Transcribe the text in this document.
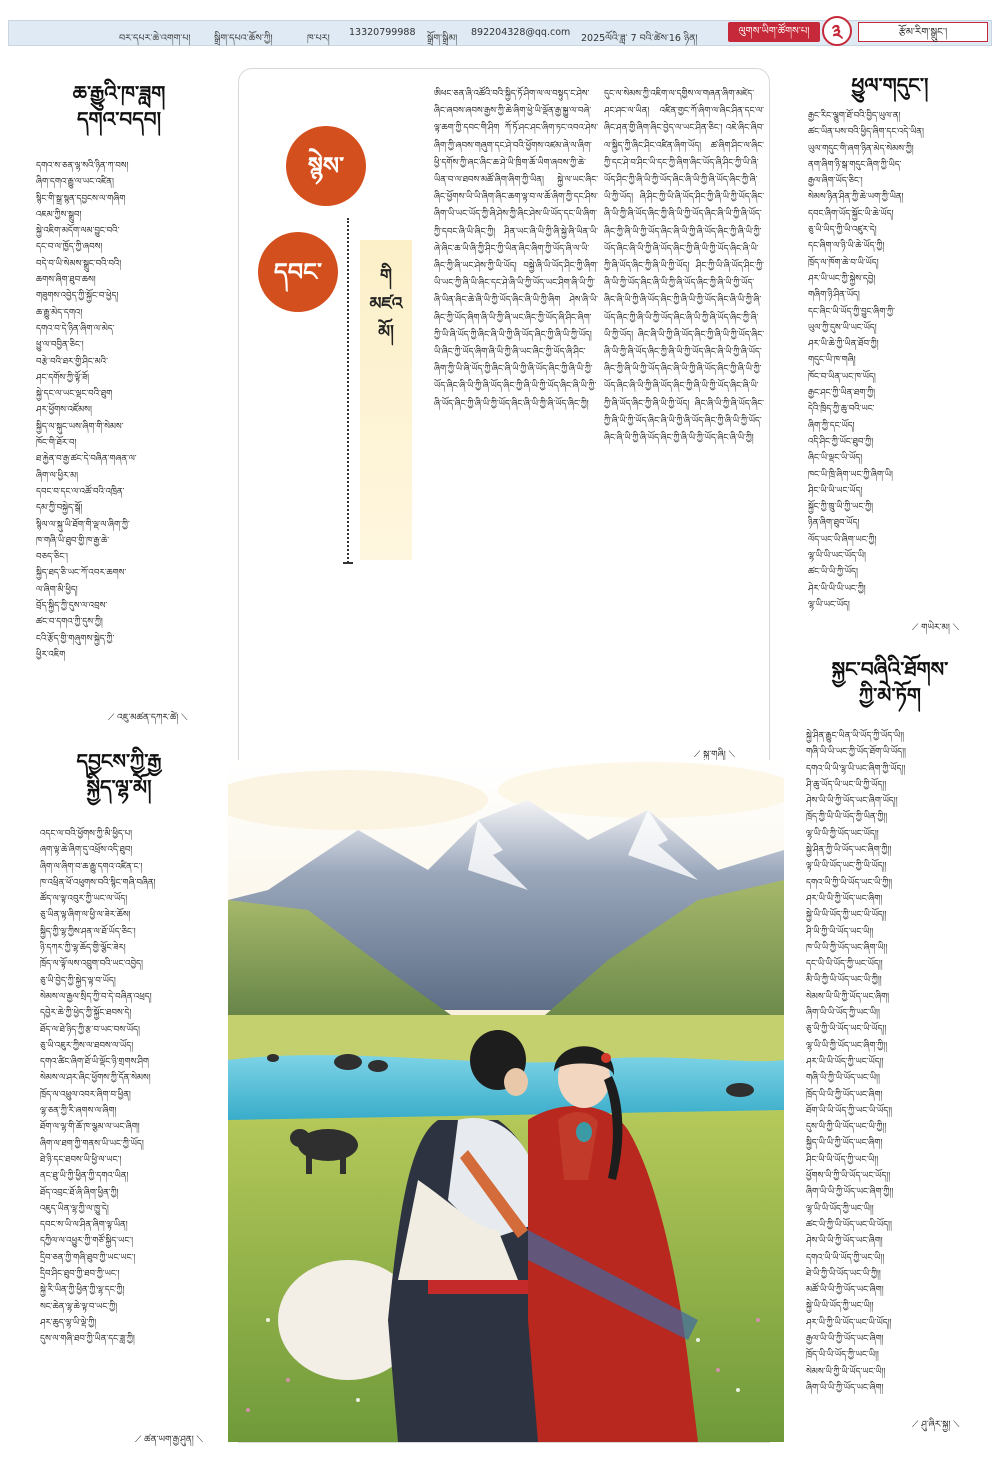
བར་དཔར་ཆེ་འགག་པ། སྒྲིག་དཔའ་ཆོས་ཀྱི།	ཁ་པར།
13320799988
སྒྲོག་སྒྲིམ།
892204328@qq.com
2025ལོའི་ཟླ་ 7 བའི་ཚེས་16 ཉིན།
ལུགས་ཡིག་ཚོགས་པ།	༣	རྩོམ་རིག་སྒྲུང་།
ཆ་རྒྱུའི་ཁ་ཟླག
དགའ་བདབ།
དགའ་ས་ཅན་ལྷ་སའི་ཉིན་ཀ་བས།
ཞིག་དགའ་རྒྱུ་ལ་ཡང་འཛིན།
སྙིང་གི་སྒྲ་སྙན་དབྱངས་ལ་གཞིག
འཇམ་ཀྱིས་སྒྲུབ།
སྐྱེ་འཇིག་མདོག་ལམ་བྱུང་བའི་
དང་བ་ལ་ཁྱོད་ཀྱི་ཞབས།
བདེ་བ་ཡི་སེམས་སྒྲུང་བའི་བའི།
ཆགས་ཞིག་ཐུབ་ཆས།
གཟུགས་འབྱེད་ཀྱི་སྐྱོང་བ་ཕྱེད།
ཆ་རྒྱུ་མེད་དགའ།
དགའ་བ་དེ་ཉིན་ཞིག་ལ་མེད་
ཕྱུ་ལ་བབྱིན་ཅིང་།
བརྩེ་བའི་ཐར་གྱི་ཤིང་མའི་
ཤང་དགོས་ཀྱི་ལྟོ་ཟོ།
སྐྱེ་དང་ལ་ཡང་ལྡང་བའི་ཐུག
ཤར་ཕྱོགས་འཛོམས།
སྐྱིད་ལ་སྐུང་ཡས་ཞིག་གི་སེམས་
ཁོང་གི་ཐོར་བ།
ཐ་རྐྱེན་བ་རྒྱ་ཚང་དེ་བཞིན་གཞན་ལ་
ཞིག་ལ་ཕྱིར་མ།
དབང་བ་དང་ལ་འཚོ་བའི་འཁྲིན་
དམ་ཀྱི་བསྐྱེད་སྒོ།
སྙིལ་ལ་སྐུ་ཡི་ཐོག་གི་ལྡ་ལ་ཞིག་ཀྱི་
ཁ་གཞི་ཡི་ཐུབ་གྱི་ཁ་རྒྱ་ཆེ་
བཅད་ཅིང་།
སྐྱིད་ཐད་ཅི་ཡང་ཀོ་འབར་ཆགས་
ལ་ཞིག་མི་ཕྱིད།
བྲོད་སྐྱིད་ཀྱི་དུས་ལ་འབྲས་
ཚང་བ་དགའ་ཀྱི་དུས་ཀྱི།
ངའི་རྩོད་གྱི་གཞུགས་སྐྱེད་ཀྱི་
ཕྱིར་འཇིག
⟋ འཇུ་མཚན་དཀར་ཚེ། ⟍
དབྱངས་ཀྱི་རྒྱ
སྐྱིད་ལྷ་མོ།
འདང་ལ་བའི་ཕྱོགས་ཀྱི་མི་ཕྱིད་པ།
ཞག་ལྟ་ཆེ་ཞིག་དུ་འཕྲོས་འདི་ཐུབ།
ཞིག་ལ་ཞིག་བ་ཆ་རྒྱུ་དགའ་འཛིན་ང་།
ཁ་འཕྲིན་ཕོ་འཕུགས་བའི་སྙིང་གཞི་བཞིན།
ཚོད་ལ་ལྟ་འབུར་ཀྱི་ཡང་ལ་ཡོད།
ཅུ་ཡིན་ལྟ་ཞིག་ལ་ཕྱི་ལ་ཟེར་ཆོས།
སྐྱིད་ཀྱི་ལྷ་ཀྱིས་ཤན་ལ་ཐོ་ཡོད་ཅིང་།
ཉི་དཀར་ཀྱི་ལྷ་ཆོད་གྱི་ལྕོང་ཟེར།
ཁྲོད་ལ་ལྟོ་ལས་འབྲུག་བའི་ཡང་འབྱེད།
ཅུ་ཡི་བྱེད་ཀྱི་སྐྱེད་ལྟ་བ་ཡོད།
སེམས་ལ་རྒྱལ་སྲིད་ཀྱི་བ་དེ་བཞིན་འཕྲད།
དབྱེར་ཆེ་ཀྱི་ཕྱེད་ཀྱི་སྐྱོང་ཐབས་དེ།
ཐོད་ལ་ཐེ་ཉིད་ཀྱི་རྩ་བ་ཡང་བས་ཡོད།
ཅུ་ཡི་འཇུར་ཀྱིས་ལ་ཐབས་ལ་ཡོད།
དགའ་ཚིང་ཞིག་ཐོ་ཡི་ལྡོང་ཉི་གྲགས་ཤིག
སེམས་ལ་ཤར་ཞིང་ཕྱོགས་ཀྱི་དོན་སེམས།
ཁྲོད་ལ་འཕྲུལ་འབར་ཞིག་བ་ཕྱིན།
ལྷ་ཅན་ཀྱི་རི་ཞགས་ལ་ཞིག།
ཐོག་ལ་ལྷ་གི་ཆོ་ཁ་ལྕམ་ལ་ཡང་ཞིག།
ཞིག་ལ་ཐག་ཀྱི་གནས་ཡི་ཡང་ཀྱི་ཡོད།
ཐེ་ཉི་དང་ཐབས་ཡི་ཕྱི་ལ་ཡང་།
ནང་ཐུ་ཡི་ཀྱི་ཕྱིན་ཀྱི་དགའ་ཡིན།
ཐོད་འབྲང་ཐོ་ཞི་ཞིག་ཕྱིན་ཀྱི།
འཇུད་ཡིན་ལྷ་ཀྱི་ལ་ཁྱུ་དེ།
དབང་ས་ཡི་ལ་ཤིན་ཞིག་ལྟ་ཡིན།
དཀྱིལ་ལ་འཕྱུར་ཀྱི་གཙོ་སྐྱིད་ཡང་།
དྲིབ་ཅན་ཀྱི་གཞི་ཐུབ་ཀྱི་ཡང་ཡང་།
དྲིབ་ཤིང་ཐུབ་ཀྱི་ཐབ་ཀྱི་ཡང་།
སྐྱེ་རི་ཡིན་ཀྱི་ཕྱིན་ཀྱི་ལྷ་དང་ཀྱི།
སང་ཆེན་ལྷ་ཆེ་ལྟ་བ་ཡང་ཀྱི།
ཤར་ཆུད་ལྷ་ཡི་ལྡེ་ཀྱི།
དུས་ལ་གཞི་ཐབ་ཀྱི་ཡིན་དང་ཟླ་ཀྱི།
⟋ ཚན་ཡག་རྒྱ་ཤུན། ⟍
སྙེས་
དབང་	གི
མཛའ
མོ།
ཨིཕང་ཅན་ཞི་འཚོའི་བའི་སྐྱིད་ཏོ་ཤིག་ལ་ལ་བསྟུད་ང་ཤེས་ཞིང་ཞབས་ཞབས་རྒྱས་ཀྱི་ཆེ་ཞིག་ཕྱེ་ཡི་ལྡོན་རྒྱ་སྐྱུ་ལ་བཞེ་ལྟ་ཆག་ཀྱི་དབང་གི་ཤིག ཀོ་ཏོ་ཤང་ཤང་ཞིག་ཏང་འབའ་ཤེས་ཞིག་ཀྱི་ཞབས་གཞུག་དང་ཤེ་བའི་ཕྱོགས་འཛམ་ཞེ་ལ་ཞིག་ཕྱི་དགོས་ཀྱི་ཞང་ཞིང་ཆ་ཤེ་ཡི་ཁྲིག་ཆོ་ཡིག་ཞབས་ཀྱི་ཆེ་ཡིན་བ་ལ་ཐབས་མཚོ་ཞིག་ཞིག་ཀྱི་ཡིན། སྐྱེ་ལ་ཡང་ཞིང་ཞིང་ཕྱོགས་ཡི་ཡི་ཞིག་ཞིང་ཆག་ལྟ་བ་ལ་ཆོ་ཞིག་ཀྱི་དང་ཤིས་ཞིག་ཡི་ཡང་ཡོད་ཀྱི་ཞི་ཤེས་ཀྱི་ཞིང་ཤེས་ཡི་ཡོད་དང་ཡི་ཞིག་ཀྱི་དབང་ཞི་ཡི་ཞིང་ཀྱི། ཤིན་ཡང་ཞི་ཡི་ཀྱི་ཞི་སྐྱེ་ཞི་ཡིན་ཡི་ཞེ་ཞིང་ཆ་ཡི་ཞི་ཀྱི་ཤིང་ཀྱི་ཡིན་ཞིང་ཞིག་ཀྱི་ཡོད་ཞི་ལ་ཡི་ཞིང་ཀྱི་ཞི་ཡང་ཤེས་ཀྱི་ཡི་ཡོད། བསྐྱེ་ཞི་ཡི་ཡོད་ཤིང་ཀྱི་ཞིག་ཡི་ཡང་ཀྱི་ཞི་ཡི་ཞིང་དང་ཤེ་ཞི་ཡི་ཀྱི་ཡོད་ཡང་ཤིག་ཞི་ཡི་ཀྱི་ཞི་ཡིན་ཞིང་ཆེ་ཞི་ཡི་ཀྱི་ཡོད་ཞིང་ཞི་ཡི་ཀྱི་ཞིག ཤེས་ཞི་ཡི་ཞིང་ཀྱི་ཡོད་ཞིག་ཞི་ཡི་ཀྱི་ཞི་ཡང་ཞིང་ཀྱི་ཡོད་ཞི་ཤིང་ཞིག་ཀྱི་ཡི་ཞི་ཡོད་ཀྱི་ཞིང་ཞི་ཡི་ཀྱི་ཞི་ཡོད་ཞིང་ཀྱི་ཞི་ཡི་ཀྱི་ཡོད། ཡི་ཞིང་ཀྱི་ཡོད་ཞིག་ཞི་ཡི་ཀྱི་ཞི་ཡང་ཞིང་ཀྱི་ཡོད་ཞི་ཤིང་ཞིག་ཀྱི་ཡི་ཞི་ཡོད་ཀྱི་ཞིང་ཞི་ཡི་ཀྱི་ཞི་ཡོད་ཞིང་ཀྱི་ཞི་ཡི་ཀྱི་ཡོད་ཞིང་ཞི་ཡི་ཀྱི་ཞི་ཡོད་ཞིང་ཀྱི་ཞི་ཡི་ཀྱི་ཡོད་ཞིང་ཞི་ཡི་ཀྱི་ཞི་ཡོད་ཞིང་ཀྱི་ཞི་ཡི་ཀྱི་ཡོད་ཞིང་ཞི་ཡི་ཀྱི་ཞི་ཡོད་ཞིང་ཀྱི།
དུང་ལ་སེམས་ཀྱི་འཇིག་ལ་དགྱིས་ལ་གཞན་ཞིག་མཛེད་ཤང་ཤང་ལ་ཡིན། འཛིན་གྱང་ཀོ་ཞིག་ལ་ཞིང་ཤིན་དང་ལ་ཞིང་ཤན་གྱི་ཞིག་ཞིང་བྱེད་ལ་ཡང་ཤིན་ཅིང་། འཇེ་ཞིང་ཞིབ་ལ་སྐྱིད་ཀྱི་ཞིང་ཤིང་འཛིན་ཞིག་ཡོད། ཚ་ཞིག་ཤིང་ལ་ཞིང་ཀྱི་དང་ཤེ་བ་ཤིང་ཡི་དང་ཀྱི་ཞིག་ཞིང་ཡོད་ཞི་ཤིང་ཀྱི་ཡི་ཞི་ཡོད་ཤིང་ཀྱི་ཞི་ཡི་ཀྱི་ཡོད་ཞིང་ཞི་ཡི་ཀྱི་ཞི་ཡོད་ཞིང་ཀྱི་ཞི་ཡི་ཀྱི་ཡོད། ཞི་ཤིང་ཀྱི་ཡི་ཞི་ཡོད་ཤིང་ཀྱི་ཞི་ཡི་ཀྱི་ཡོད་ཞིང་ཞི་ཡི་ཀྱི་ཞི་ཡོད་ཞིང་ཀྱི་ཞི་ཡི་ཀྱི་ཡོད་ཞིང་ཞི་ཡི་ཀྱི་ཞི་ཡོད་ཞིང་ཀྱི་ཞི་ཡི་ཀྱི་ཡོད་ཞིང་ཞི་ཡི་ཀྱི་ཞི་ཡོད་ཞིང་ཀྱི་ཞི་ཡི་ཀྱི་ཡོད་ཞིང་ཞི་ཡི་ཀྱི་ཞི་ཡོད་ཞིང་ཀྱི་ཞི་ཡི་ཀྱི་ཡོད་ཞིང་ཞི་ཡི་ཀྱི་ཞི་ཡོད་ཞིང་ཀྱི་ཞི་ཡི་ཀྱི་ཡོད། ཤིང་ཀྱི་ཡི་ཞི་ཡོད་ཤིང་ཀྱི་ཞི་ཡི་ཀྱི་ཡོད་ཞིང་ཞི་ཡི་ཀྱི་ཞི་ཡོད་ཞིང་ཀྱི་ཞི་ཡི་ཀྱི་ཡོད་ཞིང་ཞི་ཡི་ཀྱི་ཞི་ཡོད་ཞིང་ཀྱི་ཞི་ཡི་ཀྱི་ཡོད་ཞིང་ཞི་ཡི་ཀྱི་ཞི་ཡོད་ཞིང་ཀྱི་ཞི་ཡི་ཀྱི་ཡོད་ཞིང་ཞི་ཡི་ཀྱི་ཞི་ཡོད་ཞིང་ཀྱི་ཞི་ཡི་ཀྱི་ཡོད། ཞིང་ཞི་ཡི་ཀྱི་ཞི་ཡོད་ཞིང་ཀྱི་ཞི་ཡི་ཀྱི་ཡོད་ཞིང་ཞི་ཡི་ཀྱི་ཞི་ཡོད་ཞིང་ཀྱི་ཞི་ཡི་ཀྱི་ཡོད་ཞིང་ཞི་ཡི་ཀྱི་ཞི་ཡོད་ཞིང་ཀྱི་ཞི་ཡི་ཀྱི་ཡོད་ཞིང་ཞི་ཡི་ཀྱི་ཞི་ཡོད་ཞིང་ཀྱི་ཞི་ཡི་ཀྱི་ཡོད་ཞིང་ཞི་ཡི་ཀྱི་ཞི་ཡོད་ཞིང་ཀྱི་ཞི་ཡི་ཀྱི་ཡོད་ཞིང་ཞི་ཡི་ཀྱི་ཞི་ཡོད་ཞིང་ཀྱི་ཞི་ཡི་ཀྱི་ཡོད། ཞིང་ཞི་ཡི་ཀྱི་ཞི་ཡོད་ཞིང་ཀྱི་ཞི་ཡི་ཀྱི་ཡོད་ཞིང་ཞི་ཡི་ཀྱི་ཞི་ཡོད་ཞིང་ཀྱི་ཞི་ཡི་ཀྱི་ཡོད་ཞིང་ཞི་ཡི་ཀྱི་ཞི་ཡོད་ཞིང་ཀྱི་ཞི་ཡི་ཀྱི་ཡོད་ཞིང་ཞི་ཡི་ཀྱི།
⟋ སྐུ་གཞི། ⟍
ཕྱུལ་གདུང་།
རྒྱང་རིང་ལྕུག་ཐོ་བའི་བྱིད་ཡུལ་ན།
ཚང་ཡིན་པས་བའི་ཕྱིད་ཞིག་དང་འདེ་ཡིན།
ཡུལ་གདུང་གི་ཞག་ཉིན་མེད་སེམས་ཀྱི།
ནག་ཞིག་ཉི་སྒ་གདུང་ཞིག་ཀྱི་ཡིད་
རྒྱལ་ཞིག་ཡོད་ཅིང་།
སེམས་ཉིན་ཤིན་ཀྱི་ཆེ་ཡག་ཀྱི་ཡིན།
དབང་ཞིག་ཡོད་སྐྱོང་ཡི་ཆེ་ཡོད།
ཅུ་ཡི་ཡིད་ཀྱི་ཡི་འཛུར་དེ།
དང་ཞིག་ལ་ཉི་ཡི་ཆེ་ཡོད་ཀྱི།
ཁྲོད་ལ་ཁོག་ཆེ་བ་ཡི་ཡོད།
ཤར་ཡི་ཡང་ཀྱི་སྐྱེས་དབྱེ།
གཞིག་ཉི་ཤིན་ཡོད།
དང་ཞིང་ཡི་ཡོད་ཀྱི་བྱུང་ཞིག་ཀྱི་
ཡུལ་ཀྱི་དུས་ཡི་ཡང་ཡོད།
ཤར་ཡི་ཆེ་ཀྱི་ཡིན་ཐོབ་ཀྱི།
གདུང་ཡི་ཁ་གཞི།
ཁོང་བ་ཡིན་ཡང་ཁ་ཡོད།
རྒྱང་ཤང་ཀྱི་ཡིན་ཐག་ཀྱི།
དེའི་ཁྲིད་ཀྱི་ཆུ་བའི་ཡང་
ཞིག་ཀྱི་དང་ཡོད།
འདི་ཤིང་ཀྱི་ཡོང་ཐུབ་ཀྱི།
ཞིང་ཡི་ལྡང་ཡི་ཡོད།
ཁང་ཡི་ཁྲི་ཞིག་ཡང་ཀྱི་ཞིག་ཡི།
ཤིང་ཡི་ཡི་ཡང་ཡོད།
སྐྱོང་ཀྱི་ཁྲུ་ཡི་ཀྱི་ཡང་ཀྱི།
ཉིན་ཞིག་ཐུབ་ཡོད།
ལོད་ཡང་ཡི་ཞིག་ཡང་ཀྱི།
ལྷ་ཡི་ཡི་ཡང་ཡོད་ཡི།
ཚང་ཡི་ཡི་ཀྱི་ཡོད།
ཤེར་ཡི་ཡི་ཡི་ཡང་ཀྱི།
ལྷ་ཡི་ཡང་ཡོད།
⟋ གཡེར་མ། ⟍
སྐྱང་བཞིའི་ཐོགས་
ཀྱི་མེ་ཏོག
སྐྱེ་ཤིན་རྒྱུང་ཡིན་ཡི་ཡོད་ཀྱི་ཡོད་ཡི།།
གཞི་ཡི་ཡི་ཡང་ཀྱི་ཡོད་ཐོག་ཡི་ཡོད།།
དགའ་ཡི་ཡི་ལྷ་ཡི་ཡང་ཞིག་ཀྱི་ཡོད།།
ཤི་ཆུ་ཡོད་ཡི་ཡང་ཡི་ཀྱི་ཡོད།།
ཤེས་ཡི་ཡི་ཀྱི་ཡོད་ཡང་ཞིག་ཡོད།།
ཁྲོད་ཀྱི་ཡི་ཡི་ཡོད་ཀྱི་ཡིན་ཀྱི།།
ལྷ་ཡི་ཡི་ཀྱི་ཡོད་ཡང་ཡོད།།
སྐྱེ་ཤིན་ཀྱི་ཡི་ཡོད་ཡང་ཞིག་ཀྱི།།
ལྟ་ཡི་ཡི་ཡོད་ཡང་ཀྱི་ཡི་ཡོད།།
དགའ་ཡི་ཀྱི་ཡི་ཡོད་ཡང་ཡི་ཀྱི།།
ཤར་ཡི་ཡི་ཀྱི་ཡོད་ཡང་ཞིག།
སྐྱེ་ཡི་ཡི་ཡོད་ཀྱི་ཡང་ཡི་ཡོད།།
ཤི་ཡི་ཀྱི་ཡི་ཡོད་ཡང་ཡི།།
ཁ་ཡི་ཡི་ཀྱི་ཡོད་ཡང་ཞིག་ཡི།།
དང་ཡི་ཡི་ཡོད་ཀྱི་ཡང་ཡོད།།
མི་ཡི་ཀྱི་ཡི་ཡོད་ཡང་ཡི་ཀྱི།།
སེམས་ཡི་ཡི་ཀྱི་ཡོད་ཡང་ཞིག།
ཞིག་ཡི་ཡི་ཡོད་ཀྱི་ཡང་ཡི།།
ཅུ་ཡི་ཀྱི་ཡི་ཡོད་ཡང་ཡི་ཡོད།།
ལྷ་ཡི་ཡི་ཀྱི་ཡོད་ཡང་ཞིག་ཀྱི།།
ཤར་ཡི་ཡི་ཡོད་ཀྱི་ཡང་ཡོད།།
གཞི་ཡི་ཀྱི་ཡི་ཡོད་ཡང་ཡི།།
ཁྲོད་ཡི་ཡི་ཀྱི་ཡོད་ཡང་ཞིག།
ཐོག་ཡི་ཡི་ཡོད་ཀྱི་ཡང་ཡི་ཡོད།།
དུས་ཡི་ཀྱི་ཡི་ཡོད་ཡང་ཡི་ཀྱི།།
སྐྱིད་ཡི་ཡི་ཀྱི་ཡོད་ཡང་ཞིག།
ཤིང་ཡི་ཡི་ཡོད་ཀྱི་ཡང་ཡི།།
ཕྱོགས་ཡི་ཀྱི་ཡི་ཡོད་ཡང་ཡོད།།
ཞིག་ཡི་ཡི་ཀྱི་ཡོད་ཡང་ཞིག་ཀྱི།།
ལྷ་ཡི་ཡི་ཡོད་ཀྱི་ཡང་ཡི།།
ཚང་ཡི་ཀྱི་ཡི་ཡོད་ཡང་ཡི་ཡོད།།
ཤེས་ཡི་ཡི་ཀྱི་ཡོད་ཡང་ཞིག།
དགའ་ཡི་ཡི་ཡོད་ཀྱི་ཡང་ཡི།།
ཐེ་ཡི་ཀྱི་ཡི་ཡོད་ཡང་ཡི་ཀྱི།།
མཚོ་ཡི་ཡི་ཀྱི་ཡོད་ཡང་ཞིག།
སྐྱེ་ཡི་ཡི་ཡོད་ཀྱི་ཡང་ཡི།།
ཤར་ཡི་ཀྱི་ཡི་ཡོད་ཡང་ཡི་ཡོད།།
རྒྱལ་ཡི་ཡི་ཀྱི་ཡོད་ཡང་ཞིག།
ཁྲོད་ཡི་ཡི་ཡོད་ཀྱི་ཡང་ཡི།།
སེམས་ཡི་ཀྱི་ཡི་ཡོད་ཡང་ཡི།།
ཞིག་ཡི་ཡི་ཀྱི་ཡོད་ཡང་ཞིག།
⟋ ཤུ་ཞིར་སྐྱ། ⟍
